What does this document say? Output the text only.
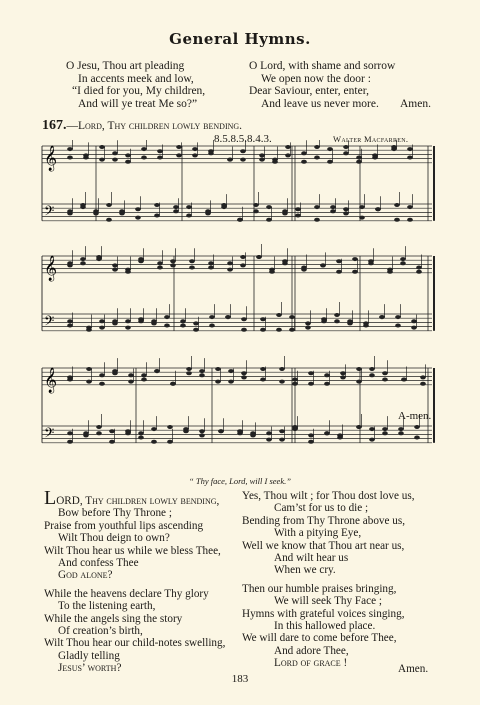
General Hymns.
O Jesu, Thou art pleading
In accents meek and low,
“I died for you, My children,
And will ye treat Me so?”
O Lord, with shame and sorrow
We open now the door :
Dear Saviour, enter, enter,
And leave us never more.	Amen.
167.—Lord, Thy children lowly bending.
8.5.8.5.8.4.3.	Walter Macfarren.
𝄞
𝄢
𝄞
𝄢
𝄞
𝄢
A-men.
“ Thy face, Lord, will I seek.”
LORD, Thy children lowly bending,
Bow before Thy Throne ;
Praise from youthful lips ascending
Wilt Thou deign to own?
Wilt Thou hear us while we bless Thee,
And confess Thee
God alone?
While the heavens declare Thy glory
To the listening earth,
While the angels sing the story
Of creation’s birth,
Wilt Thou hear our child-notes swelling,
Gladly telling
Jesus’ worth?
Yes, Thou wilt ; for Thou dost love us,
Cam’st for us to die ;
Bending from Thy Throne above us,
With a pitying Eye,
Well we know that Thou art near us,
And wilt hear us
When we cry.
Then our humble praises bringing,
We will seek Thy Face ;
Hymns with grateful voices singing,
In this hallowed place.
We will dare to come before Thee,
And adore Thee,
Lord of grace !	Amen.
183
